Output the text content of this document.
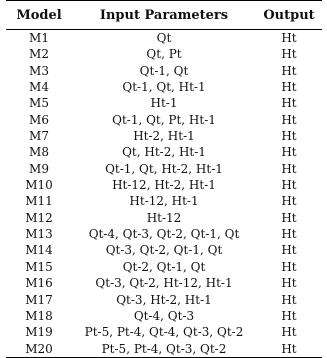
Model	Input Parameters	Output
M1	Qt	Ht
M2	Qt, Pt	Ht
M3	Qt-1, Qt	Ht
M4	Qt-1, Qt, Ht-1	Ht
M5	Ht-1	Ht
M6	Qt-1, Qt, Pt, Ht-1	Ht
M7	Ht-2, Ht-1	Ht
M8	Qt, Ht-2, Ht-1	Ht
M9	Qt-1, Qt, Ht-2, Ht-1	Ht
M10	Ht-12, Ht-2, Ht-1	Ht
M11	Ht-12, Ht-1	Ht
M12	Ht-12	Ht
M13	Qt-4, Qt-3, Qt-2, Qt-1, Qt	Ht
M14	Qt-3, Qt-2, Qt-1, Qt	Ht
M15	Qt-2, Qt-1, Qt	Ht
M16	Qt-3, Qt-2, Ht-12, Ht-1	Ht
M17	Qt-3, Ht-2, Ht-1	Ht
M18	Qt-4, Qt-3	Ht
M19	Pt-5, Pt-4, Qt-4, Qt-3, Qt-2	Ht
M20	Pt-5, Pt-4, Qt-3, Qt-2	Ht
